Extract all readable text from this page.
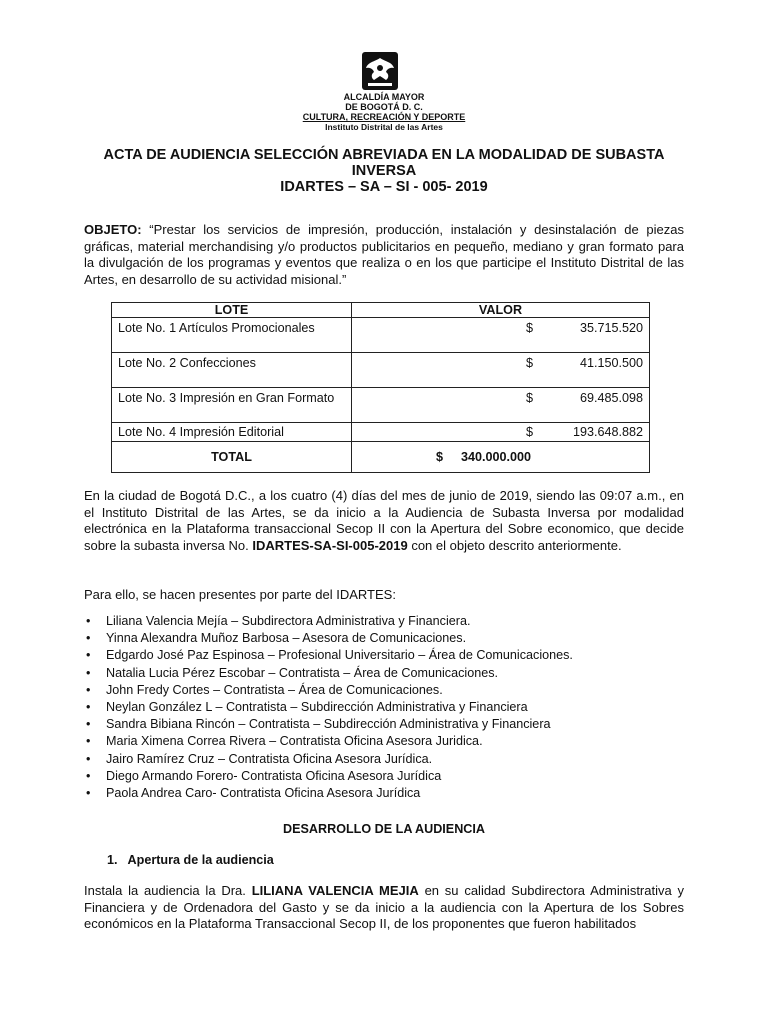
ALCALDÍA MAYOR
DE BOGOTÁ D. C.
CULTURA, RECREACIÓN Y DEPORTE
Instituto Distrital de las Artes
ACTA DE AUDIENCIA SELECCIÓN ABREVIADA EN LA MODALIDAD DE SUBASTA
INVERSA
IDARTES – SA – SI - 005- 2019
OBJETO: “Prestar los servicios de impresión, producción, instalación y desinstalación de piezas gráficas, material merchandising y/o productos publicitarios en pequeño, mediano y gran formato para la divulgación de los programas y eventos que realiza o en los que participe el Instituto Distrital de las Artes, en desarrollo de su actividad misional.”
LOTE	VALOR
Lote No. 1 Artículos Promocionales	$ 35.715.520

Lote No. 2 Confecciones	$ 41.150.500

Lote No. 3 Impresión en Gran Formato	$ 69.485.098

Lote No. 4 Impresión Editorial	$ 193.648.882

TOTAL	$ 340.000.000
En la ciudad de Bogotá D.C., a los cuatro (4) días del mes de junio de 2019, siendo las 09:07 a.m., en el Instituto Distrital de las Artes, se da inicio a la Audiencia de Subasta Inversa por modalidad electrónica en la Plataforma transaccional Secop II con la Apertura del Sobre economico, que decide sobre la subasta inversa No. IDARTES-SA-SI-005-2019 con el objeto descrito anteriormente.
Para ello, se hacen presentes por parte del IDARTES:
• Liliana Valencia Mejía – Subdirectora Administrativa y Financiera.
• Yinna Alexandra Muñoz Barbosa – Asesora de Comunicaciones.
• Edgardo José Paz Espinosa – Profesional Universitario – Área de Comunicaciones.
• Natalia Lucia Pérez Escobar – Contratista – Área de Comunicaciones.
• John Fredy Cortes – Contratista – Área de Comunicaciones.
• Neylan González L – Contratista – Subdirección Administrativa y Financiera
• Sandra Bibiana Rincón – Contratista – Subdirección Administrativa y Financiera
• Maria Ximena Correa Rivera – Contratista Oficina Asesora Juridica.
• Jairo Ramírez Cruz – Contratista Oficina Asesora Jurídica.
• Diego Armando Forero- Contratista Oficina Asesora Jurídica
• Paola Andrea Caro- Contratista Oficina Asesora Jurídica
DESARROLLO DE LA AUDIENCIA
1.   Apertura de la audiencia
Instala la audiencia la Dra. LILIANA VALENCIA MEJIA en su calidad Subdirectora Administrativa y Financiera y de Ordenadora del Gasto y se da inicio a la audiencia con la Apertura de los Sobres económicos en la Plataforma Transaccional Secop II, de los proponentes que fueron habilitados
